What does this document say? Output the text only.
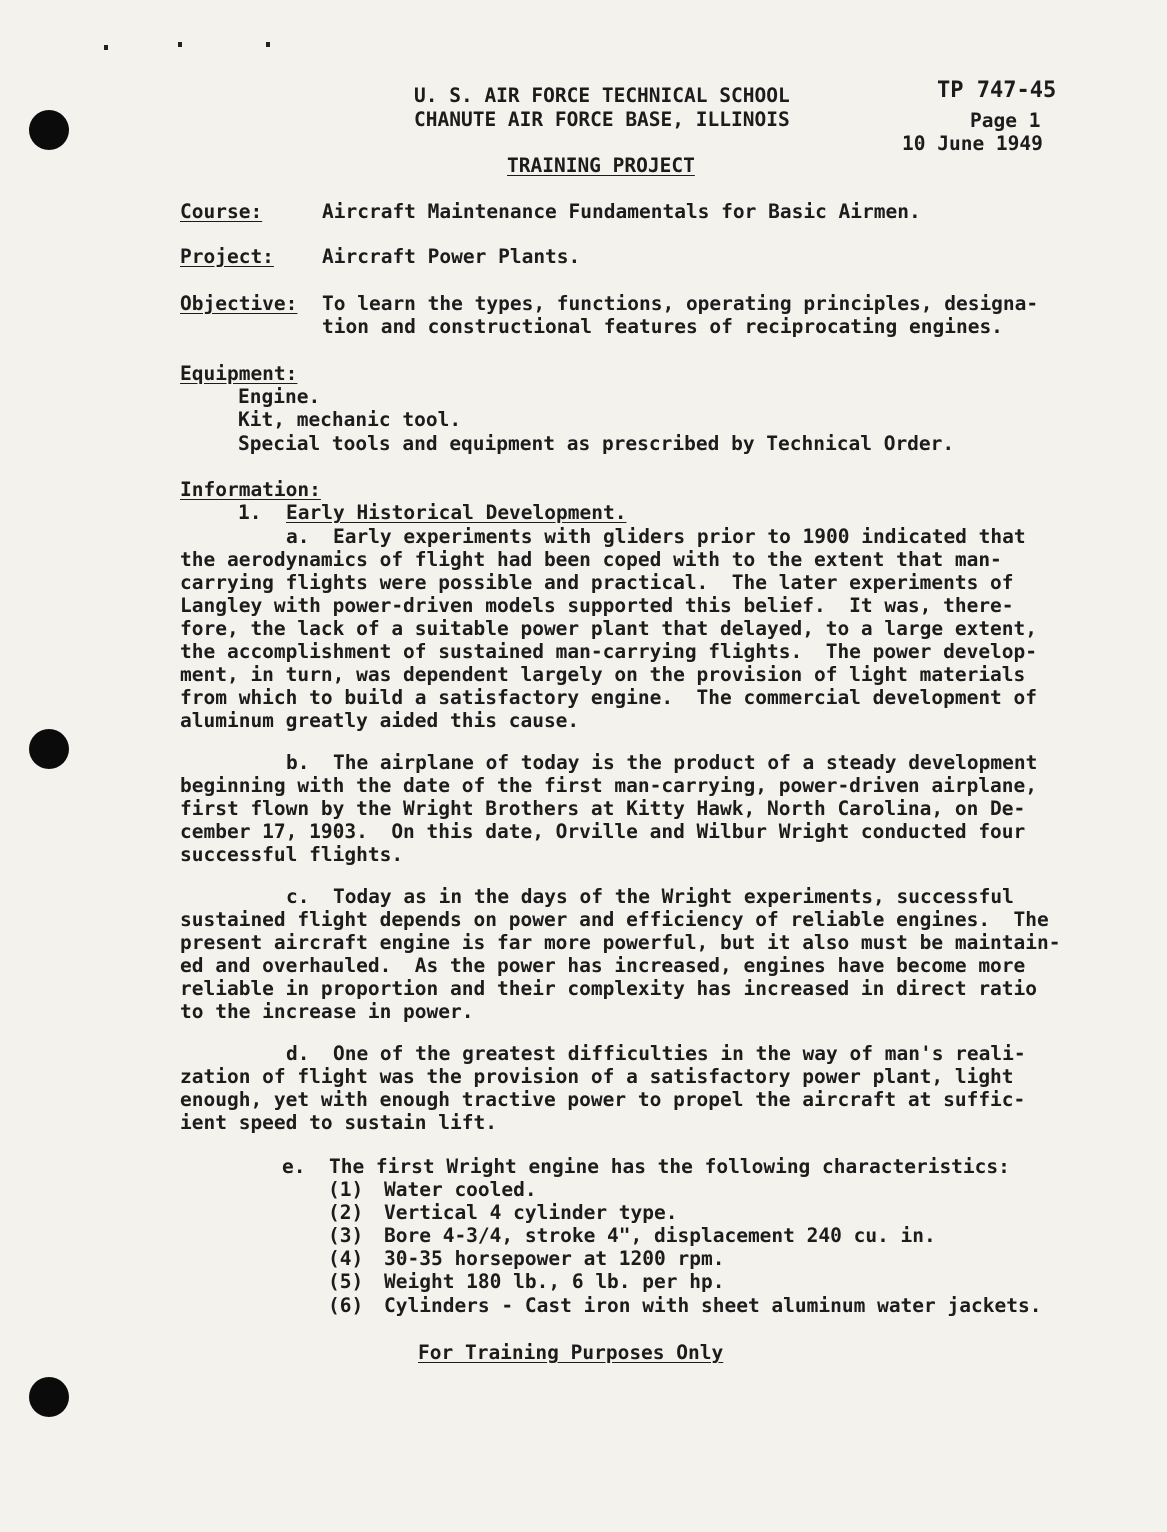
U. S. AIR FORCE TECHNICAL SCHOOL
CHANUTE AIR FORCE BASE, ILLINOIS
TP 747-45
Page 1
10 June 1949
TRAINING PROJECT
Course:	Aircraft Maintenance Fundamentals for Basic Airmen.
Project: Aircraft Power Plants.
Objective: To learn the types, functions, operating principles, designa-
tion and constructional features of reciprocating engines.
Equipment:
Engine.
Kit, mechanic tool.
Special tools and equipment as prescribed by Technical Order.
Information:
1. Early Historical Development.
a.  Early experiments with gliders prior to 1900 indicated that
the aerodynamics of flight had been coped with to the extent that man-
carrying flights were possible and practical.  The later experiments of
Langley with power-driven models supported this belief.  It was, there-
fore, the lack of a suitable power plant that delayed, to a large extent,
the accomplishment of sustained man-carrying flights.  The power develop-
ment, in turn, was dependent largely on the provision of light materials
from which to build a satisfactory engine.  The commercial development of
aluminum greatly aided this cause.
b.  The airplane of today is the product of a steady development
beginning with the date of the first man-carrying, power-driven airplane,
first flown by the Wright Brothers at Kitty Hawk, North Carolina, on De-
cember 17, 1903.  On this date, Orville and Wilbur Wright conducted four
successful flights.
c.  Today as in the days of the Wright experiments, successful
sustained flight depends on power and efficiency of reliable engines.  The
present aircraft engine is far more powerful, but it also must be maintain-
ed and overhauled.  As the power has increased, engines have become more
reliable in proportion and their complexity has increased in direct ratio
to the increase in power.
d.  One of the greatest difficulties in the way of man's reali-
zation of flight was the provision of a satisfactory power plant, light
enough, yet with enough tractive power to propel the aircraft at suffic-
ient speed to sustain lift.
e.  The first Wright engine has the following characteristics:
(1) Water cooled.
(2) Vertical 4 cylinder type.
(3) Bore 4-3/4, stroke 4", displacement 240 cu. in.
(4) 30-35 horsepower at 1200 rpm.
(5) Weight 180 lb., 6 lb. per hp.
(6) Cylinders - Cast iron with sheet aluminum water jackets.
For Training Purposes Only
